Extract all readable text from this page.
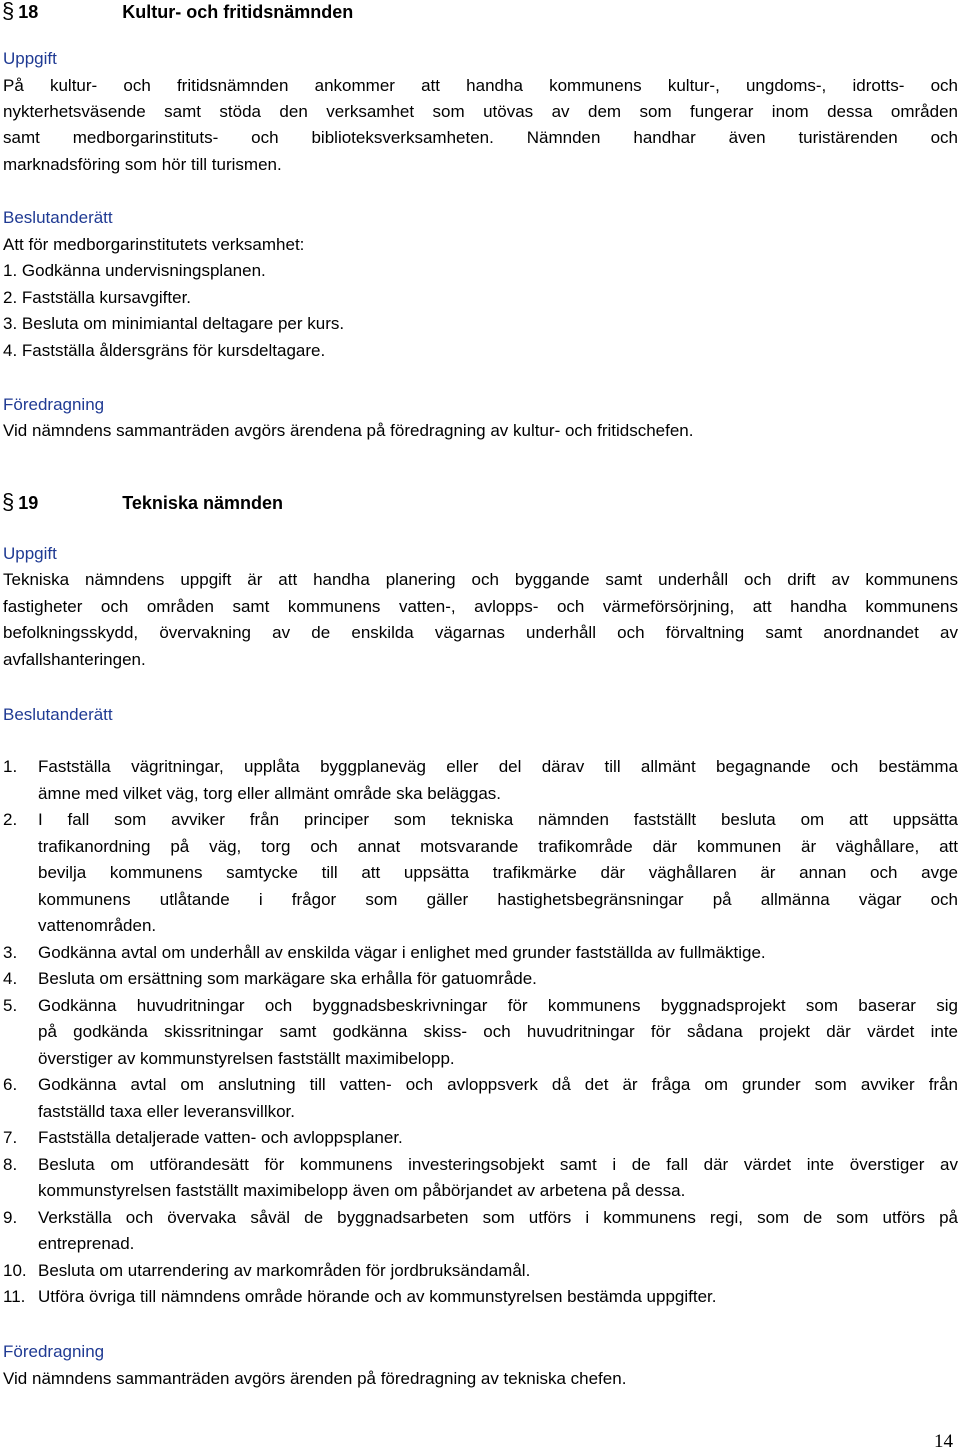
§ 18	Kultur- och fritidsnämnden
Uppgift
På kultur- och fritidsnämnden ankommer att handha kommunens kultur-, ungdoms-, idrotts- och
nykterhetsväsende samt stöda den verksamhet som utövas av dem som fungerar inom dessa områden
samt medborgarinstituts- och biblioteksverksamheten. Nämnden handhar även turistärenden och
marknadsföring som hör till turismen.
Beslutanderätt
Att för medborgarinstitutets verksamhet:
1. Godkänna undervisningsplanen.
2. Fastställa kursavgifter.
3. Besluta om minimiantal deltagare per kurs.
4. Fastställa åldersgräns för kursdeltagare.
Föredragning
Vid nämndens sammanträden avgörs ärendena på föredragning av kultur- och fritidschefen.
§ 19	Tekniska nämnden
Uppgift
Tekniska nämndens uppgift är att handha planering och byggande samt underhåll och drift av kommunens
fastigheter och områden samt kommunens vatten-, avlopps- och värmeförsörjning, att handha kommunens
befolkningsskydd, övervakning av de enskilda vägarnas underhåll och förvaltning samt anordnandet av
avfallshanteringen.
Beslutanderätt
1. Fastställa vägritningar, upplåta byggplaneväg eller del därav till allmänt begagnande och bestämma
ämne med vilket väg, torg eller allmänt område ska beläggas.
2. I fall som avviker från principer som tekniska nämnden fastställt besluta om att uppsätta
trafikanordning på väg, torg och annat motsvarande trafikområde där kommunen är väghållare, att
bevilja kommunens samtycke till att uppsätta trafikmärke där väghållaren är annan och avge
kommunens utlåtande i frågor som gäller hastighetsbegränsningar på allmänna vägar och
vattenområden.
3. Godkänna avtal om underhåll av enskilda vägar i enlighet med grunder fastställda av fullmäktige.
4. Besluta om ersättning som markägare ska erhålla för gatuområde.
5. Godkänna huvudritningar och byggnadsbeskrivningar för kommunens byggnadsprojekt som baserar sig
på godkända skissritningar samt godkänna skiss- och huvudritningar för sådana projekt där värdet inte
överstiger av kommunstyrelsen fastställt maximibelopp.
6. Godkänna avtal om anslutning till vatten- och avloppsverk då det är fråga om grunder som avviker från
fastställd taxa eller leveransvillkor.
7. Fastställa detaljerade vatten- och avloppsplaner.
8. Besluta om utförandesätt för kommunens investeringsobjekt samt i de fall där värdet inte överstiger av
kommunstyrelsen fastställt maximibelopp även om påbörjandet av arbetena på dessa.
9. Verkställa och övervaka såväl de byggnadsarbeten som utförs i kommunens regi, som de som utförs på
entreprenad.
10. Besluta om utarrendering av markområden för jordbruksändamål.
11. Utföra övriga till nämndens område hörande och av kommunstyrelsen bestämda uppgifter.
Föredragning
Vid nämndens sammanträden avgörs ärenden på föredragning av tekniska chefen.
14
